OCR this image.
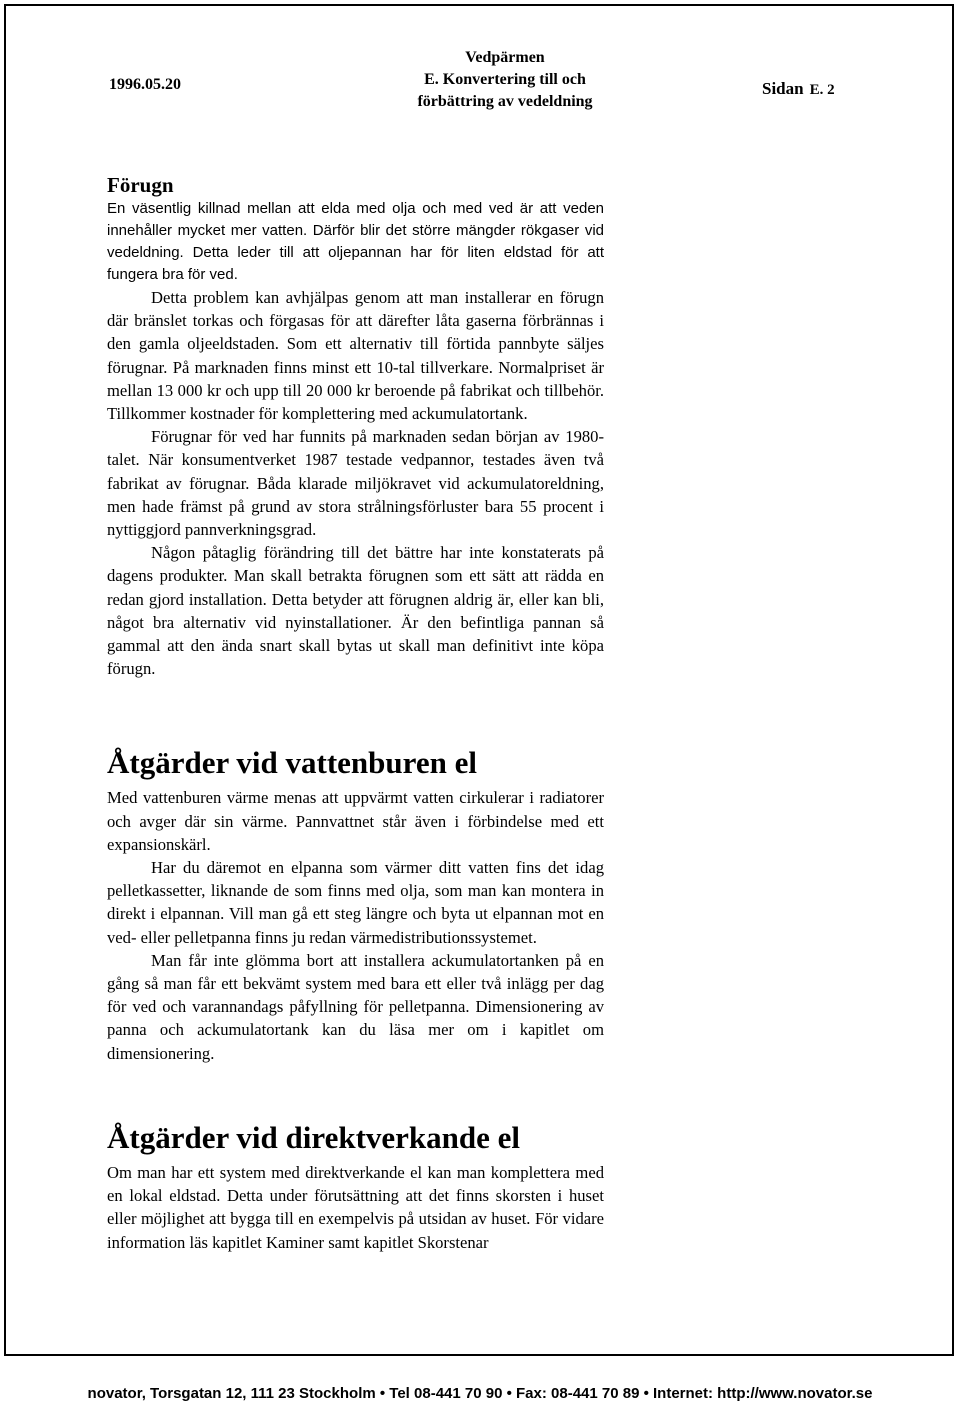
1996.05.20
Vedpärmen
E. Konvertering till och
förbättring av vedeldning
Sidan E. 2
Förugn

En väsentlig killnad mellan att elda med olja och med ved är att veden innehåller mycket mer vatten. Därför blir det större mängder rökgaser vid vedeldning. Detta leder till att oljepannan har för liten eldstad för att fungera bra för ved.

Detta problem kan avhjälpas genom att man installerar en förugn där bränslet torkas och förgasas för att därefter låta gaserna förbrännas i den gamla oljeeldstaden. Som ett alternativ till förtida pannbyte säljes förugnar. På marknaden finns minst ett 10-tal tillverkare. Normalpriset är mellan 13 000 kr och upp till 20 000 kr beroende på fabrikat och tillbehör. Tillkommer kostnader för komplettering med ackumulatortank.

Förugnar för ved har funnits på marknaden sedan början av 1980-talet. När konsumentverket 1987 testade vedpannor, testades även två fabrikat av förugnar. Båda klarade miljökravet vid ackumulatoreldning, men hade främst på grund av stora strålningsförluster bara 55 procent i nyttiggjord pannverkningsgrad.

Någon påtaglig förändring till det bättre har inte konstaterats på dagens produkter. Man skall betrakta förugnen som ett sätt att rädda en redan gjord installation. Detta betyder att förugnen aldrig är, eller kan bli, något bra alternativ vid nyinstallationer. Är den befintliga pannan så gammal att den ända snart skall bytas ut skall man definitivt inte köpa förugn.

Åtgärder vid vattenburen el

Med vattenburen värme menas att uppvärmt vatten cirkulerar i radiatorer och avger där sin värme. Pannvattnet står även i förbindelse med ett expansionskärl.

Har du däremot en elpanna som värmer ditt vatten fins det idag pelletkassetter, liknande de som finns med olja, som man kan montera in direkt i elpannan. Vill man gå ett steg längre och byta ut elpannan mot en ved- eller pelletpanna finns ju redan värmedistributionssystemet.

Man får inte glömma bort att installera ackumulatortanken på en gång så man får ett bekvämt system med bara ett eller två inlägg per dag för ved och varannandags påfyllning för pelletpanna. Dimensionering av panna och ackumulatortank kan du läsa mer om i kapitlet om dimensionering.

Åtgärder vid direktverkande el

Om man har ett system med direktverkande el kan man komplettera med en lokal eldstad. Detta under förutsättning att det finns skorsten i huset eller möjlighet att bygga till en exempelvis på utsidan av huset. För vidare information läs kapitlet Kaminer samt kapitlet Skorstenar

novator, Torsgatan 12, 111 23 Stockholm • Tel 08-441 70 90 • Fax: 08-441 70 89 • Internet: http://www.novator.se
